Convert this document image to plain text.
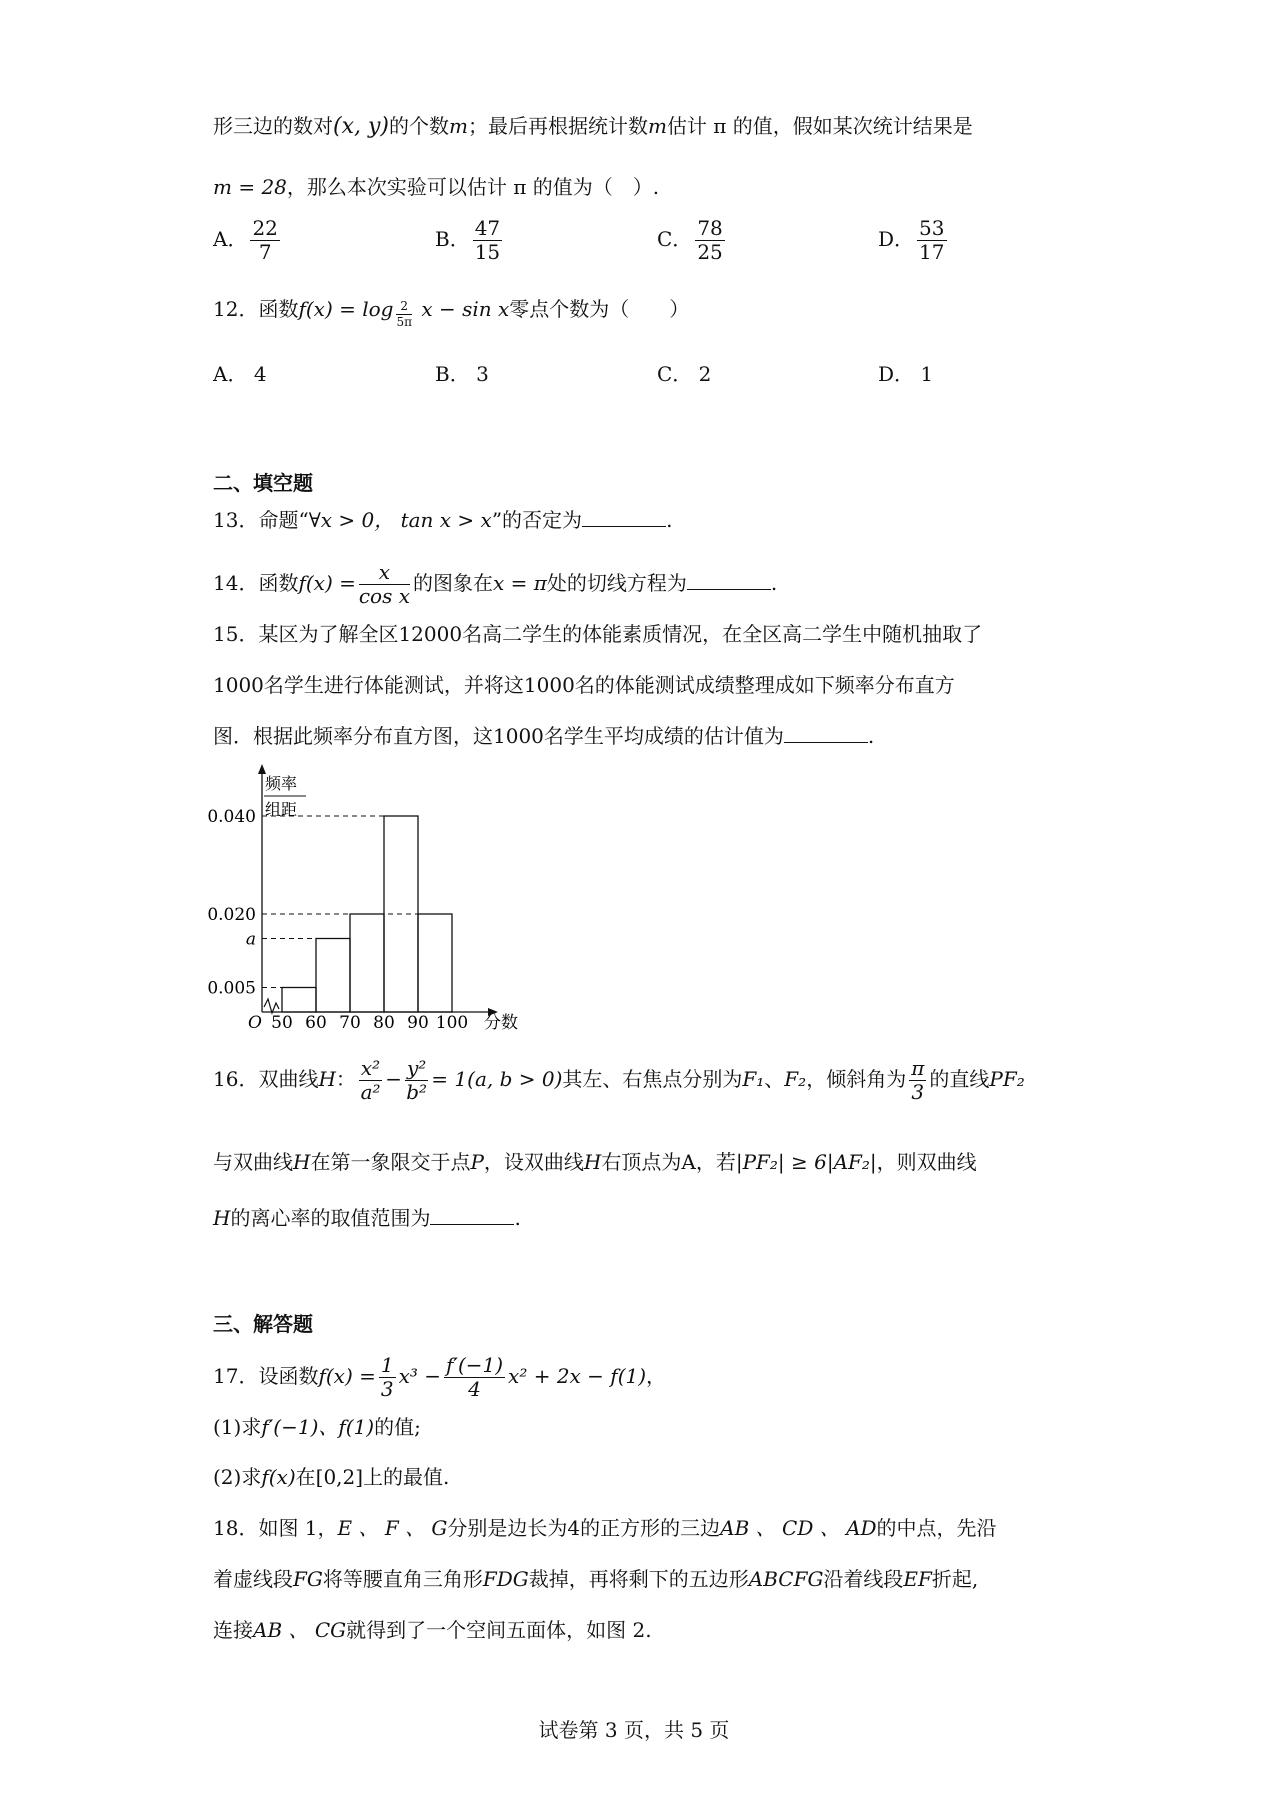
形三边的数对(x, y)的个数m；最后再根据统计数m估计 π 的值，假如某次统计结果是
m = 28，那么本次实验可以估计 π 的值为（　）.
A． $\frac{22}{7}$	B． $\frac{47}{15}$	C． $\frac{78}{25}$	D． $\frac{53}{17}$
12．函数$f(x) = \log \frac{2}{5\pi}$ x − sin x零点个数为（　　）
A． 4	B． 3	C． 2	D． 1
二、填空题
13．命题“∀x > 0， tan x > x”的否定为	.
14．函数$f(x) = \frac{x}{\text{cos x}}$ 的图象在x = π处的切线方程为	.
15．某区为了解全区12000名高二学生的体能素质情况，在全区高二学生中随机抽取了
1000名学生进行体能测试，并将这1000名的体能测试成绩整理成如下频率分布直方
图．根据此频率分布直方图，这1000名学生平均成绩的估计值为	.
频率
组距
分数
O
0.040
0.020
a
0.005
50 60 70 80 90 100
16．双曲线H： $\frac{\text{x²}}{\text{a²}} - \frac{\text{y²}}{\text{b²}} = 1(a$, b > 0)其左、右焦点分别为F₁、F₂，倾斜角为 $\frac{\pi}{3}$ 的直线PF₂
与双曲线H在第一象限交于点P，设双曲线H右顶点为A，若|PF₂| ≥ 6|AF₂|，则双曲线
H的离心率的取值范围为	.
三、解答题
17．设函数$f(x) = \frac{1}{3} x^3 - \frac{f'(-1)}{4} x^2 + 2x - f(1)$，
(1)求f′(−1)、f(1)的值;
(2)求f(x)在[0,2]上的最值.
18．如图 1，E 、 F 、 G分别是边长为4的正方形的三边AB 、 CD 、 AD的中点，先沿
着虚线段FG将等腰直角三角形FDG裁掉，再将剩下的五边形ABCFG沿着线段EF折起,
连接AB 、 CG就得到了一个空间五面体，如图 2.
试卷第 3 页，共 5 页
